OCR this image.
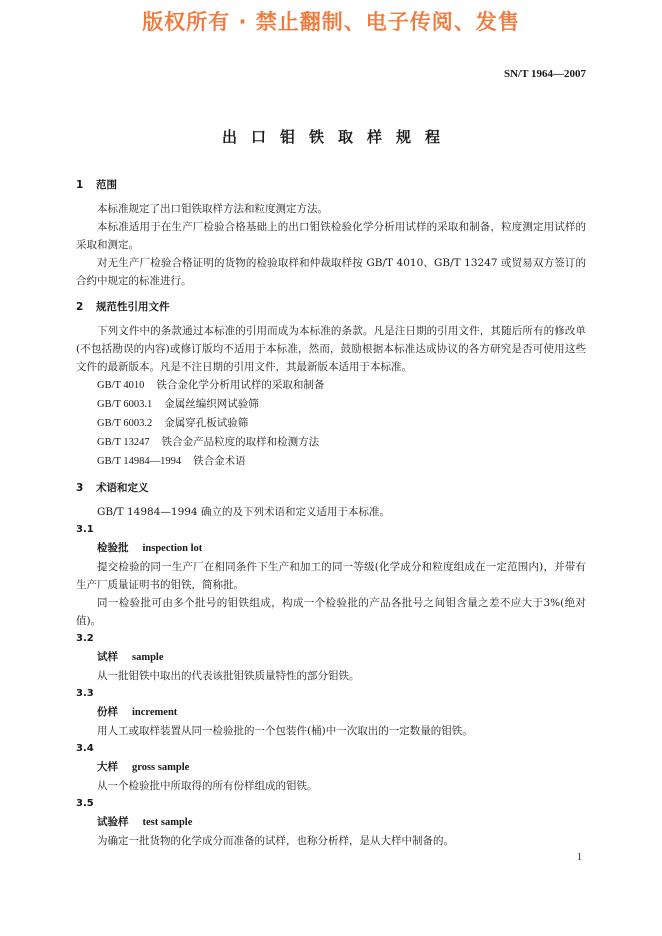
版权所有 · 禁止翻制、电子传阅、发售
SN/T 1964—2007
出口钼铁取样规程
1 范围
本标准规定了出口钼铁取样方法和粒度测定方法。
本标准适用于在生产厂检验合格基础上的出口钼铁检验化学分析用试样的采取和制备，粒度测定用试样的采取和测定。
对无生产厂检验合格证明的货物的检验取样和仲裁取样按 GB/T 4010、GB/T 13247 或贸易双方签订的合约中规定的标准进行。
2 规范性引用文件
下列文件中的条款通过本标准的引用而成为本标准的条款。凡是注日期的引用文件，其随后所有的修改单(不包括勘误的内容)或修订版均不适用于本标准，然而，鼓励根据本标准达成协议的各方研究是否可使用这些文件的最新版本。凡是不注日期的引用文件，其最新版本适用于本标准。
GB/T 4010 铁合金化学分析用试样的采取和制备
GB/T 6003.1 金属丝编织网试验筛
GB/T 6003.2 金属穿孔板试验筛
GB/T 13247 铁合金产品粒度的取样和检测方法
GB/T 14984—1994 铁合金术语
3 术语和定义
GB/T 14984—1994 确立的及下列术语和定义适用于本标准。
3.1
检验批 inspection lot
提交检验的同一生产厂在相同条件下生产和加工的同一等级(化学成分和粒度组成在一定范围内)，并带有生产厂质量证明书的钼铁，简称批。
同一检验批可由多个批号的钼铁组成，构成一个检验批的产品各批号之间钼含量之差不应大于3%(绝对值)。
3.2
试样 sample
从一批钼铁中取出的代表该批钼铁质量特性的部分钼铁。
3.3
份样 increment
用人工或取样装置从同一检验批的一个包装件(桶)中一次取出的一定数量的钼铁。
3.4
大样 gross sample
从一个检验批中所取得的所有份样组成的钼铁。
3.5
试验样 test sample
为确定一批货物的化学成分而准备的试样，也称分析样，是从大样中制备的。
1
